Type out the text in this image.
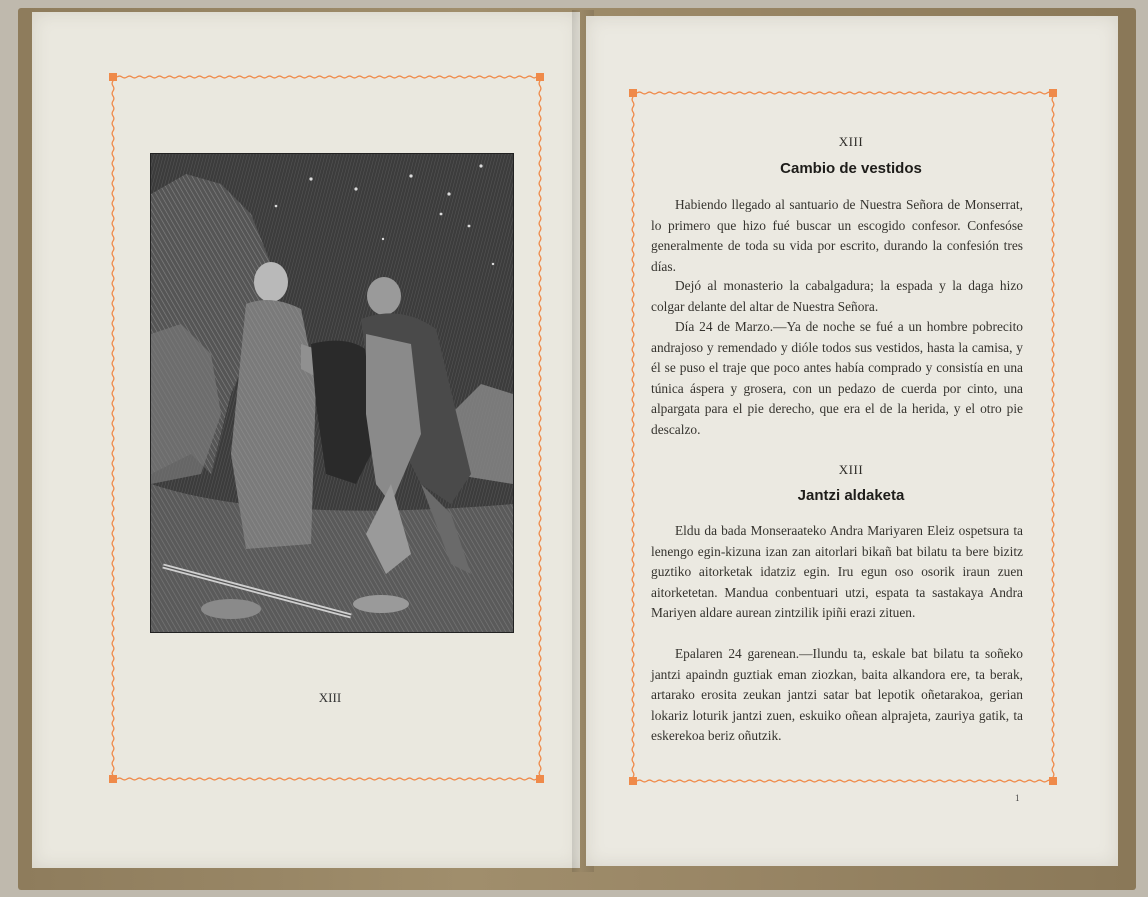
XIII
XIII
Cambio de vestidos

Habiendo llegado al santuario de Nuestra Señora de Monserrat, lo primero que hizo fué buscar un escogido confesor. Confesóse generalmente de toda su vida por escrito, durando la confesión tres días.

Dejó al monasterio la cabalgadura; la espada y la daga hizo colgar delante del altar de Nuestra Señora.

Día 24 de Marzo.—Ya de noche se fué a un hombre pobrecito andrajoso y remendado y dióle todos sus vestidos, hasta la camisa, y él se puso el traje que poco antes había comprado y consistía en una túnica áspera y grosera, con un pedazo de cuerda por cinto, una alpargata para el pie derecho, que era el de la herida, y el otro pie descalzo.

XIII
Jantzi aldaketa

Eldu da bada Monseraateko Andra Mariyaren Eleiz ospetsura ta lenengo egin-kizuna izan zan aitorlari bikañ bat bilatu ta bere bizitz guztiko aitorketak idatziz egin. Iru egun oso osorik iraun zuen aitorketetan. Mandua conbentuari utzi, espata ta sastakaya Andra Mariyen aldare aurean zintzilik ipiñi erazi zituen.

Epalaren 24 garenean.—Ilundu ta, eskale bat bilatu ta soñeko jantzi apaindn guztiak eman ziozkan, baita alkandora ere, ta berak, artarako erosita zeukan jantzi satar bat lepotik oñetarakoa, gerian lokariz loturik jantzi zuen, eskuiko oñean alprajeta, zauriya gatik, ta eskerekoa beriz oñutzik.

1
